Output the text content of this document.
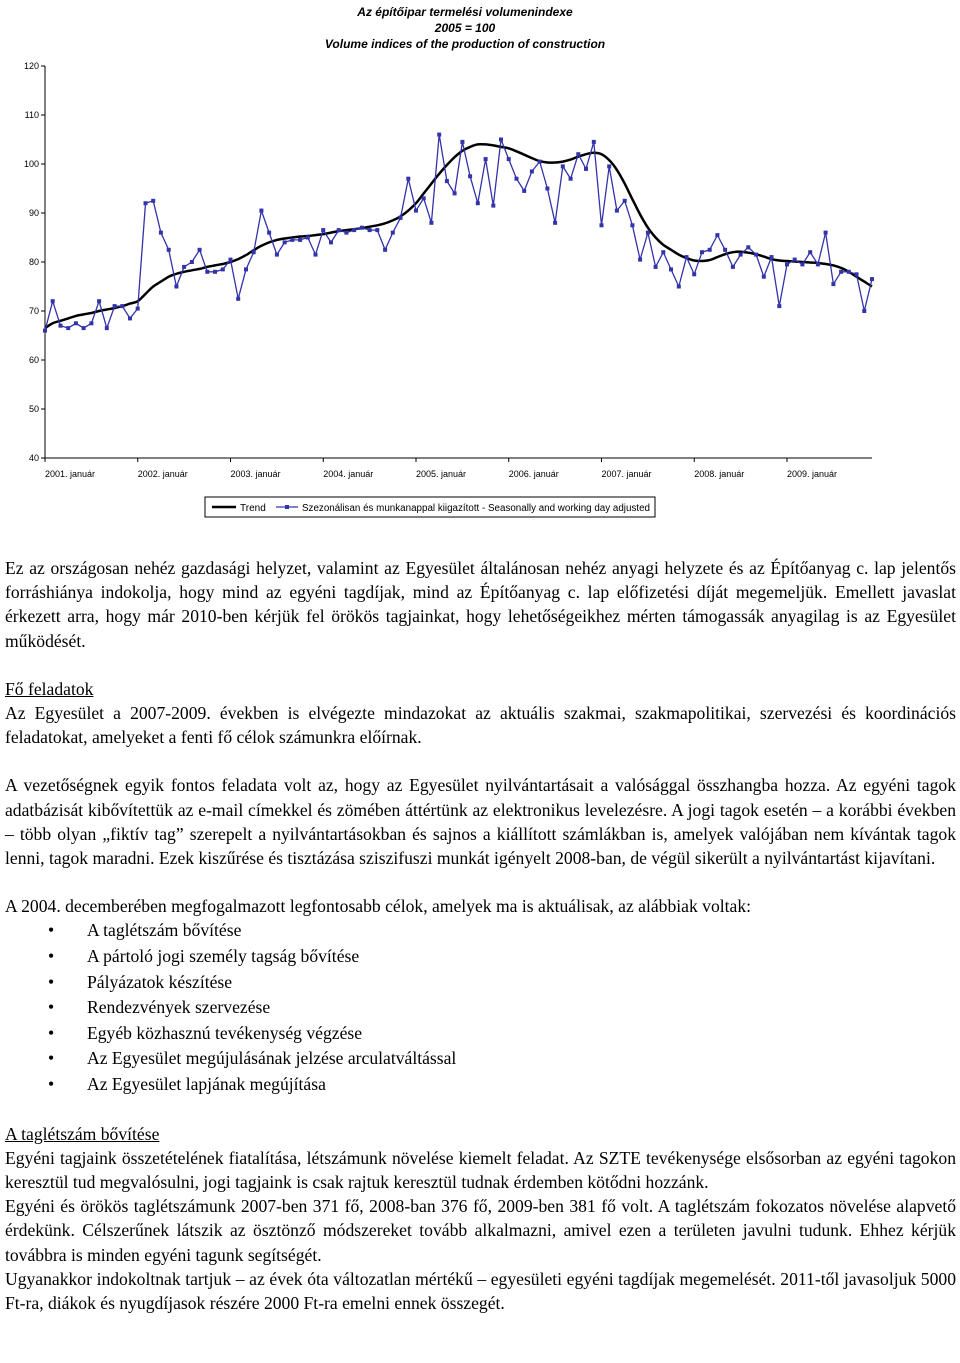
Az építőipar termelési volumenindexe
2005 = 100
Volume indices of the production of construction
120
110
100
90
80
70
60
50
40
2001. január	2002. január	2003. január	2004. január	2005. január	2006. január	2007. január	2008. január	2009. január
Trend	Szezonálisan és munkanappal kiigazított - Seasonally and working day adjusted

Ez az országosan nehéz gazdasági helyzet, valamint az Egyesület általánosan nehéz anyagi helyzete és az Építőanyag c. lap jelentős forráshiánya indokolja, hogy mind az egyéni tagdíjak, mind az Építőanyag c. lap előfizetési díját megemeljük. Emellett javaslat érkezett arra, hogy már 2010-ben kérjük fel örökös tagjainkat, hogy lehetőségeikhez mérten támogassák anyagilag is az Egyesület működését.

Fő feladatok

Az Egyesület a 2007-2009. években is elvégezte mindazokat az aktuális szakmai, szakmapolitikai, szervezési és koordinációs feladatokat, amelyeket a fenti fő célok számunkra előírnak.

A vezetőségnek egyik fontos feladata volt az, hogy az Egyesület nyilvántartásait a valósággal összhangba hozza. Az egyéni tagok adatbázisát kibővítettük az e-mail címekkel és zömében áttértünk az elektronikus levelezésre. A jogi tagok esetén – a korábbi években – több olyan „fiktív tag” szerepelt a nyilvántartásokban és sajnos a kiállított számlákban is, amelyek valójában nem kívántak tagok lenni, tagok maradni. Ezek kiszűrése és tisztázása sziszifuszi munkát igényelt 2008-ban, de végül sikerült a nyilvántartást kijavítani.

A 2004. decemberében megfogalmazott legfontosabb célok, amelyek ma is aktuálisak, az alábbiak voltak:

• A taglétszám bővítése
• A pártoló jogi személy tagság bővítése
• Pályázatok készítése
• Rendezvények szervezése
• Egyéb közhasznú tevékenység végzése
• Az Egyesület megújulásának jelzése arculatváltással
• Az Egyesület lapjának megújítása

A taglétszám bővítése

Egyéni tagjaink összetételének fiatalítása, létszámunk növelése kiemelt feladat. Az SZTE tevékenysége elsősorban az egyéni tagokon keresztül tud megvalósulni, jogi tagjaink is csak rajtuk keresztül tudnak érdemben kötődni hozzánk.

Egyéni és örökös taglétszámunk 2007-ben 371 fő, 2008-ban 376 fő, 2009-ben 381 fő volt. A taglétszám fokozatos növelése alapvető érdekünk. Célszerűnek látszik az ösztönző módszereket tovább alkalmazni, amivel ezen a területen javulni tudunk. Ehhez kérjük továbbra is minden egyéni tagunk segítségét.

Ugyanakkor indokoltnak tartjuk – az évek óta változatlan mértékű – egyesületi egyéni tagdíjak megemelését. 2011-től javasoljuk 5000 Ft-ra, diákok és nyugdíjasok részére 2000 Ft-ra emelni ennek összegét.
